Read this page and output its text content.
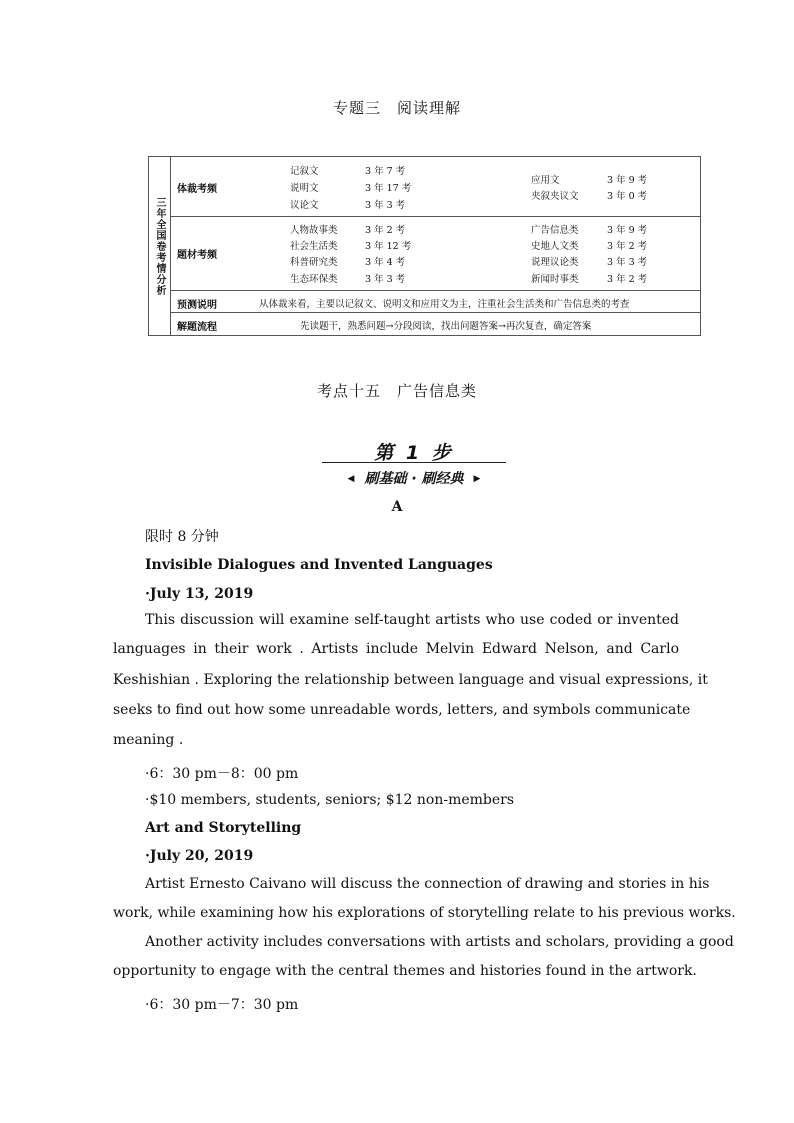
专题三　阅读理解
三年全国卷考情分析
体裁考频
记叙文	3 年 7 考
说明文	3 年 17 考
议论文	3 年 3 考
应用文	3 年 9 考
夹叙夹议文	3 年 0 考
题材考频
人物故事类	3 年 2 考
社会生活类	3 年 12 考
科普研究类	3 年 4 考
生态环保类	3 年 3 考
广告信息类	3 年 9 考
史地人文类	3 年 2 考
说理议论类	3 年 3 考
新闻时事类	3 年 2 考
预测说明	从体裁来看，主要以记叙文、说明文和应用文为主，注重社会生活类和广告信息类的考查
解题流程	先读题干，熟悉问题→分段阅读，找出问题答案→再次复查，确定答案
考点十五　广告信息类
第 1 步
◀ 刷基础 · 刷经典 ▶
A
限时 8 分钟
Invisible Dialogues and Invented Languages
·July 13, 2019
This discussion will examine self-taught artists who use coded or invented
languages in their work . Artists include Melvin Edward Nelson, and Carlo
Keshishian . Exploring the relationship between language and visual expressions, it
seeks to find out how some unreadable words, letters, and symbols communicate
meaning .
·6：30 pm－8：00 pm
·$10 members, students, seniors; $12 non-members
Art and Storytelling
·July 20, 2019
Artist Ernesto Caivano will discuss the connection of drawing and stories in his
work, while examining how his explorations of storytelling relate to his previous works.
Another activity includes conversations with artists and scholars, providing a good
opportunity to engage with the central themes and histories found in the artwork.
·6：30 pm－7：30 pm
